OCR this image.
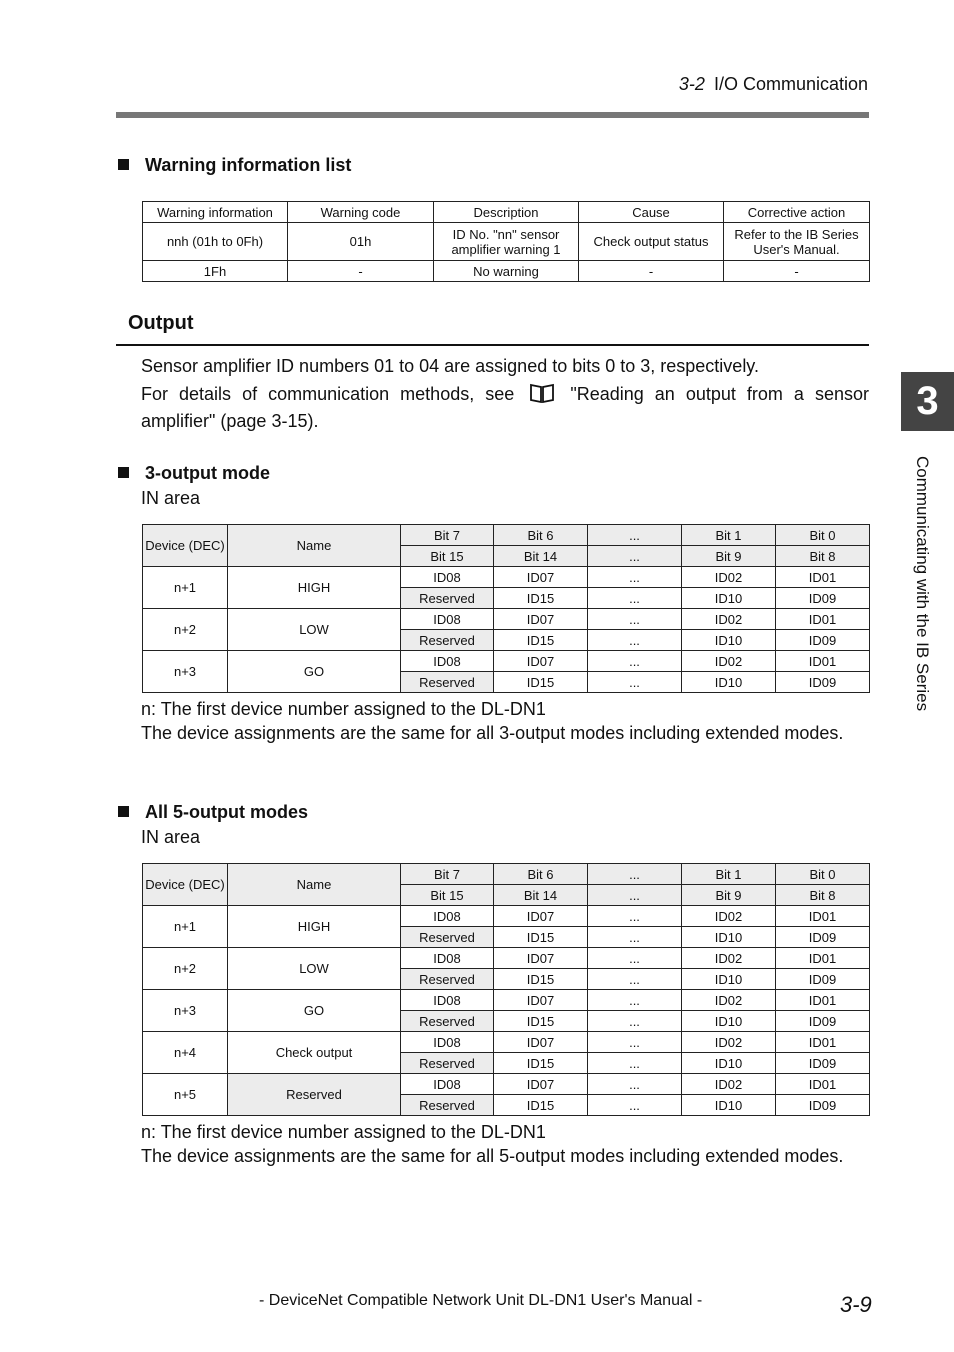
3-2 I/O Communication
Warning information list
Warning information	Warning code	Description	Cause	Corrective action
nnh (01h to 0Fh)	01h	ID No. "nn" sensor amplifier warning 1	Check output status	Refer to the IB Series User's Manual.
1Fh	-	No warning	-	-
Output
Sensor amplifier ID numbers 01 to 04 are assigned to bits 0 to 3, respectively.
For details of communication methods, see	"Reading an output from a sensor amplifier" (page 3-15).
3-output mode
IN area
Device (DEC)	Name	Bit 7	Bit 6	...	Bit 1	Bit 0
		Bit 15	Bit 14	...	Bit 9	Bit 8
n+1	HIGH	ID08	ID07	...	ID02	ID01
		Reserved	ID15	...	ID10	ID09
n+2	LOW	ID08	ID07	...	ID02	ID01
		Reserved	ID15	...	ID10	ID09
n+3	GO	ID08	ID07	...	ID02	ID01
		Reserved	ID15	...	ID10	ID09
n: The first device number assigned to the DL-DN1
The device assignments are the same for all 3-output modes including extended modes.
All 5-output modes
IN area
Device (DEC)	Name	Bit 7	Bit 6	...	Bit 1	Bit 0
		Bit 15	Bit 14	...	Bit 9	Bit 8
n+1	HIGH	ID08	ID07	...	ID02	ID01
		Reserved	ID15	...	ID10	ID09
n+2	LOW	ID08	ID07	...	ID02	ID01
		Reserved	ID15	...	ID10	ID09
n+3	GO	ID08	ID07	...	ID02	ID01
		Reserved	ID15	...	ID10	ID09
n+4	Check output	ID08	ID07	...	ID02	ID01
		Reserved	ID15	...	ID10	ID09
n+5	Reserved	ID08	ID07	...	ID02	ID01
		Reserved	ID15	...	ID10	ID09
n: The first device number assigned to the DL-DN1
The device assignments are the same for all 5-output modes including extended modes.
3
Communicating with the IB Series
- DeviceNet Compatible Network Unit DL-DN1 User's Manual -	3-9
